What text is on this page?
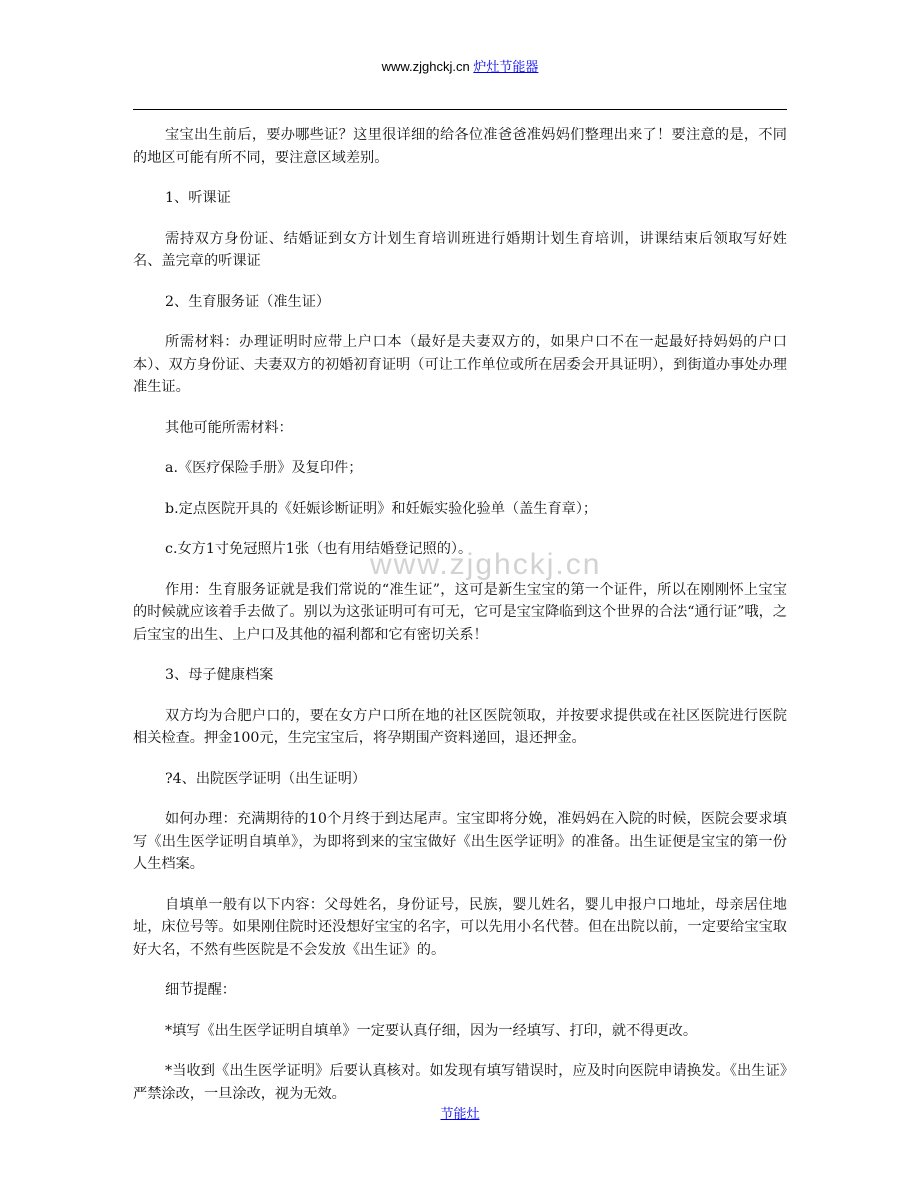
www.zjghckj.cn 炉灶节能器
www.zjghckj.cn

宝宝出生前后，要办哪些证？这里很详细的给各位准爸爸准妈妈们整理出来了！要注意的是，不同的地区可能有所不同，要注意区域差别。

1、听课证

需持双方身份证、结婚证到女方计划生育培训班进行婚期计划生育培训，讲课结束后领取写好姓名、盖完章的听课证

2、生育服务证（准生证）

所需材料：办理证明时应带上户口本（最好是夫妻双方的，如果户口不在一起最好持妈妈的户口本）、双方身份证、夫妻双方的初婚初育证明（可让工作单位或所在居委会开具证明），到街道办事处办理准生证。

其他可能所需材料：

a.《医疗保险手册》及复印件；

b.定点医院开具的《妊娠诊断证明》和妊娠实验化验单（盖生育章）；

c.女方1寸免冠照片1张（也有用结婚登记照的）。

作用：生育服务证就是我们常说的“准生证”，这可是新生宝宝的第一个证件，所以在刚刚怀上宝宝的时候就应该着手去做了。别以为这张证明可有可无，它可是宝宝降临到这个世界的合法“通行证”哦，之后宝宝的出生、上户口及其他的福利都和它有密切关系！

3、母子健康档案

双方均为合肥户口的，要在女方户口所在地的社区医院领取，并按要求提供或在社区医院进行医院相关检查。押金100元，生完宝宝后，将孕期围产资料递回，退还押金。

?4、出院医学证明（出生证明）

如何办理：充满期待的10个月终于到达尾声。宝宝即将分娩，准妈妈在入院的时候，医院会要求填写《出生医学证明自填单》，为即将到来的宝宝做好《出生医学证明》的准备。出生证便是宝宝的第一份人生档案。

自填单一般有以下内容：父母姓名，身份证号，民族，婴儿姓名，婴儿申报户口地址，母亲居住地址，床位号等。如果刚住院时还没想好宝宝的名字，可以先用小名代替。但在出院以前，一定要给宝宝取好大名，不然有些医院是不会发放《出生证》的。

细节提醒：

*填写《出生医学证明自填单》一定要认真仔细，因为一经填写、打印，就不得更改。

*当收到《出生医学证明》后要认真核对。如发现有填写错误时，应及时向医院申请换发。《出生证》严禁涂改，一旦涂改，视为无效。

节能灶
